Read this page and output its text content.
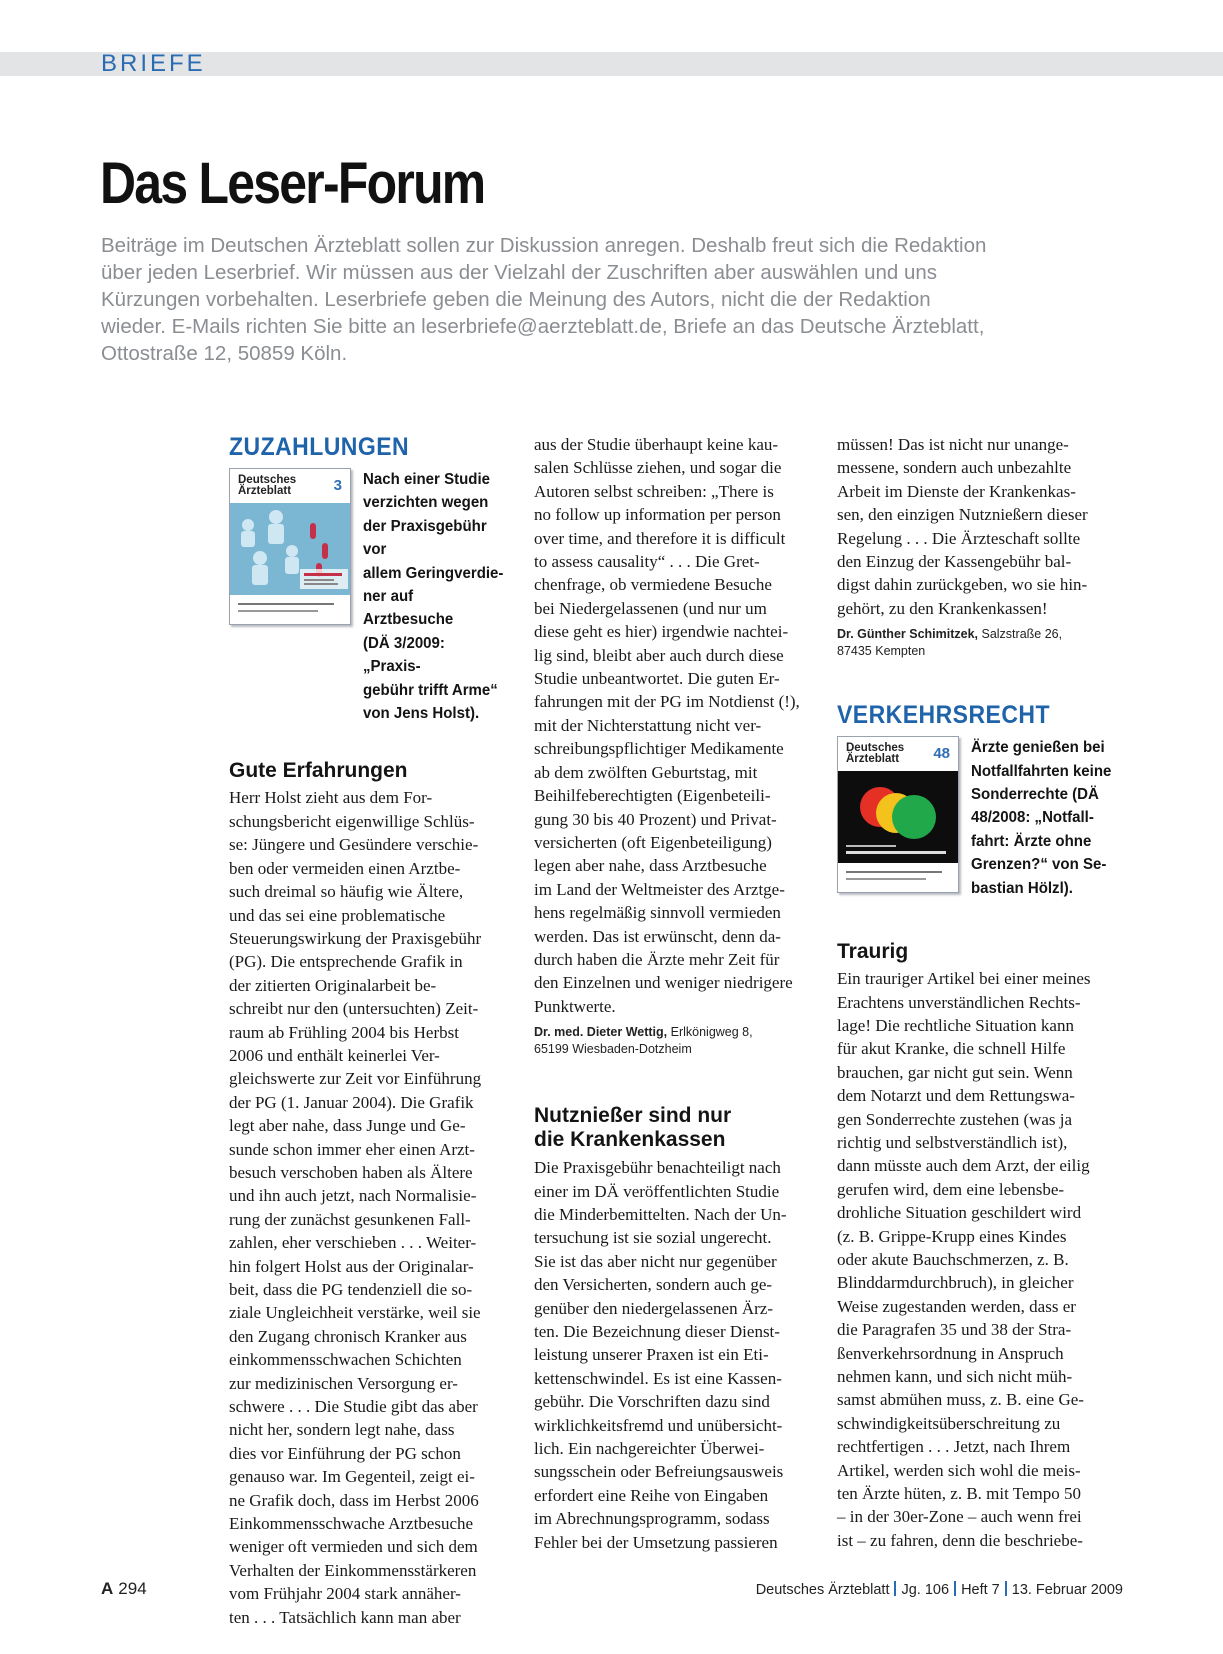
BRIEFE
Das Leser-Forum

Beiträge im Deutschen Ärzteblatt sollen zur Diskussion anregen. Deshalb freut sich die Redaktion über jeden Leserbrief. Wir müssen aus der Vielzahl der Zuschriften aber auswählen und uns Kürzungen vorbehalten. Leserbriefe geben die Meinung des Autors, nicht die der Redaktion wieder. E-Mails richten Sie bitte an leserbriefe@aerzteblatt.de, Briefe an das Deutsche Ärzteblatt, Ottostraße 12, 50859 Köln.

ZUZAHLUNGEN
Deutsches
Ärzteblatt	3 Nach einer Studie
verzichten wegen
der Praxisgebühr vor
allem Geringverdie-
ner auf Arztbesuche
(DÄ 3/2009: „Praxis-
gebühr trifft Arme“
von Jens Holst).

Gute Erfahrungen

Herr Holst zieht aus dem For-
schungsbericht eigenwillige Schlüs-
se: Jüngere und Gesündere verschie-
ben oder vermeiden einen Arztbe-
such dreimal so häufig wie Ältere,
und das sei eine problematische
Steuerungswirkung der Praxisgebühr
(PG). Die entsprechende Grafik in
der zitierten Originalarbeit be-
schreibt nur den (untersuchten) Zeit-
raum ab Frühling 2004 bis Herbst
2006 und enthält keinerlei Ver-
gleichswerte zur Zeit vor Einführung
der PG (1. Januar 2004). Die Grafik
legt aber nahe, dass Junge und Ge-
sunde schon immer eher einen Arzt-
besuch verschoben haben als Ältere
und ihn auch jetzt, nach Normalisie-
rung der zunächst gesunkenen Fall-
zahlen, eher verschieben . . . Weiter-
hin folgert Holst aus der Originalar-
beit, dass die PG tendenziell die so-
ziale Ungleichheit verstärke, weil sie
den Zugang chronisch Kranker aus
einkommensschwachen Schichten
zur medizinischen Versorgung er-
schwere . . . Die Studie gibt das aber
nicht her, sondern legt nahe, dass
dies vor Einführung der PG schon
genauso war. Im Gegenteil, zeigt ei-
ne Grafik doch, dass im Herbst 2006
Einkommensschwache Arztbesuche
weniger oft vermieden und sich dem
Verhalten der Einkommensstärkeren
vom Frühjahr 2004 stark annäher-
ten . . . Tatsächlich kann man aber

aus der Studie überhaupt keine kau-
salen Schlüsse ziehen, und sogar die
Autoren selbst schreiben: „There is
no follow up information per person
over time, and therefore it is difficult
to assess causality“ . . . Die Gret-
chenfrage, ob vermiedene Besuche
bei Niedergelassenen (und nur um
diese geht es hier) irgendwie nachtei-
lig sind, bleibt aber auch durch diese
Studie unbeantwortet. Die guten Er-
fahrungen mit der PG im Notdienst (!),
mit der Nichterstattung nicht ver-
schreibungspflichtiger Medikamente
ab dem zwölften Geburtstag, mit
Beihilfeberechtigten (Eigenbeteili-
gung 30 bis 40 Prozent) und Privat-
versicherten (oft Eigenbeteiligung)
legen aber nahe, dass Arztbesuche
im Land der Weltmeister des Arztge-
hens regelmäßig sinnvoll vermieden
werden. Das ist erwünscht, denn da-
durch haben die Ärzte mehr Zeit für
den Einzelnen und weniger niedrigere
Punktwerte.

Dr. med. Dieter Wettig, Erlkönigweg 8,
65199 Wiesbaden-Dotzheim

Nutznießer sind nur
die Krankenkassen

Die Praxisgebühr benachteiligt nach
einer im DÄ veröffentlichten Studie
die Minderbemittelten. Nach der Un-
tersuchung ist sie sozial ungerecht.
Sie ist das aber nicht nur gegenüber
den Versicherten, sondern auch ge-
genüber den niedergelassenen Ärz-
ten. Die Bezeichnung dieser Dienst-
leistung unserer Praxen ist ein Eti-
kettenschwindel. Es ist eine Kassen-
gebühr. Die Vorschriften dazu sind
wirklichkeitsfremd und unübersicht-
lich. Ein nachgereichter Überwei-
sungsschein oder Befreiungsausweis
erfordert eine Reihe von Eingaben
im Abrechnungsprogramm, sodass
Fehler bei der Umsetzung passieren

müssen! Das ist nicht nur unange-
messene, sondern auch unbezahlte
Arbeit im Dienste der Krankenkas-
sen, den einzigen Nutznießern dieser
Regelung . . . Die Ärzteschaft sollte
den Einzug der Kassengebühr bal-
digst dahin zurückgeben, wo sie hin-
gehört, zu den Krankenkassen!

Dr. Günther Schimitzek, Salzstraße 26,
87435 Kempten

VERKEHRSRECHT
Deutsches
Ärzteblatt	48 Ärzte genießen bei
Notfallfahrten keine
Sonderrechte (DÄ
48/2008: „Notfall-
fahrt: Ärzte ohne
Grenzen?“ von Se-
bastian Hölzl).

Traurig

Ein trauriger Artikel bei einer meines
Erachtens unverständlichen Rechts-
lage! Die rechtliche Situation kann
für akut Kranke, die schnell Hilfe
brauchen, gar nicht gut sein. Wenn
dem Notarzt und dem Rettungswa-
gen Sonderrechte zustehen (was ja
richtig und selbstverständlich ist),
dann müsste auch dem Arzt, der eilig
gerufen wird, dem eine lebensbe-
drohliche Situation geschildert wird
(z. B. Grippe-Krupp eines Kindes
oder akute Bauchschmerzen, z. B.
Blinddarmdurchbruch), in gleicher
Weise zugestanden werden, dass er
die Paragrafen 35 und 38 der Stra-
ßenverkehrsordnung in Anspruch
nehmen kann, und sich nicht müh-
samst abmühen muss, z. B. eine Ge-
schwindigkeitsüberschreitung zu
rechtfertigen . . . Jetzt, nach Ihrem
Artikel, werden sich wohl die meis-
ten Ärzte hüten, z. B. mit Tempo 50
– in der 30er-Zone – auch wenn frei
ist – zu fahren, denn die beschriebe-

A 294	Deutsches Ärzteblatt Jg. 106 Heft 7 13. Februar 2009
